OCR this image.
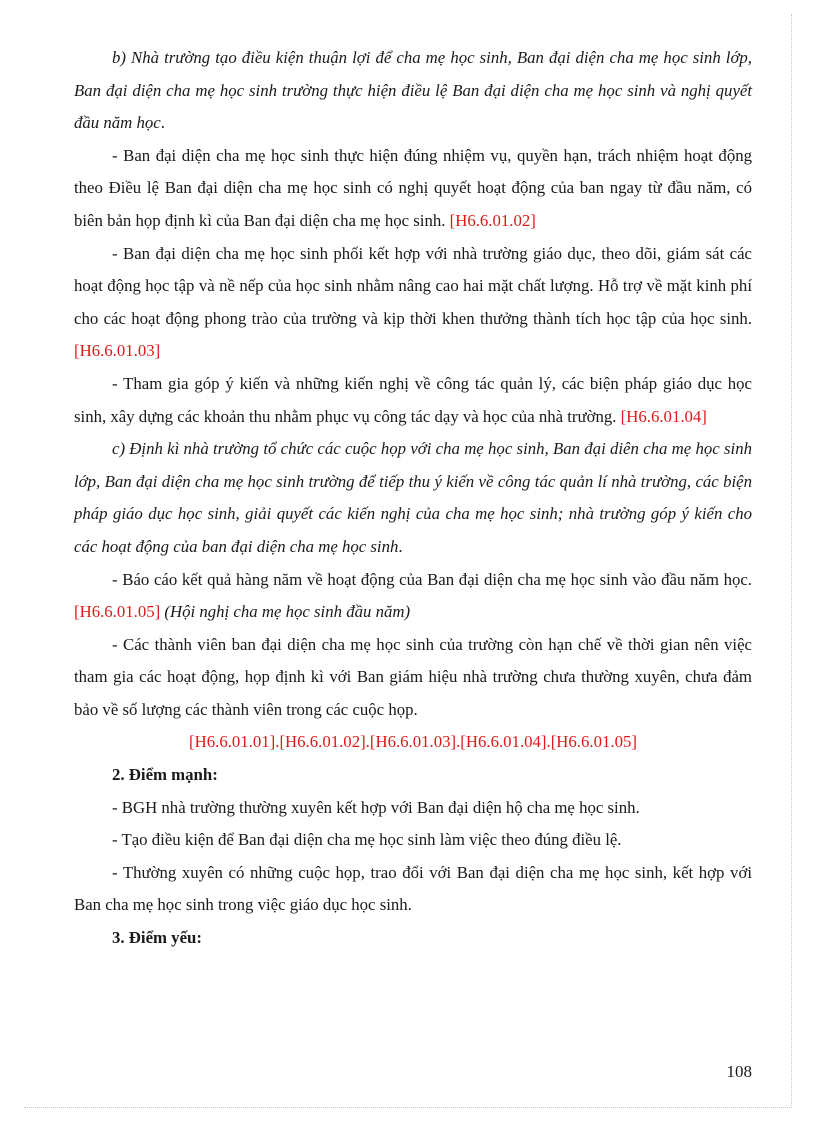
b) Nhà trường tạo điều kiện thuận lợi để cha mẹ học sinh, Ban đại diện cha mẹ học sinh lớp, Ban đại diện cha mẹ học sinh trường thực hiện điều lệ Ban đại diện cha mẹ học sinh và nghị quyết đầu năm học.

- Ban đại diện cha mẹ học sinh thực hiện đúng nhiệm vụ, quyền hạn, trách nhiệm hoạt động theo Điều lệ Ban đại diện cha mẹ học sinh có nghị quyết hoạt động của ban ngay từ đầu năm, có biên bản họp định kì của Ban đại diện cha mẹ học sinh. [H6.6.01.02]

- Ban đại diện cha mẹ học sinh phối kết hợp với nhà trường giáo dục, theo dõi, giám sát các hoạt động học tập và nề nếp của học sinh nhằm nâng cao hai mặt chất lượng. Hỗ trợ về mặt kinh phí cho các hoạt động phong trào của trường và kịp thời khen thưởng thành tích học tập của học sinh. [H6.6.01.03]

- Tham gia góp ý kiến và những kiến nghị về công tác quản lý, các biện pháp giáo dục học sinh, xây dựng các khoản thu nhằm phục vụ công tác dạy và học của nhà trường. [H6.6.01.04]

c) Định kì nhà trường tổ chức các cuộc họp với cha mẹ học sinh, Ban đại diên cha mẹ học sinh lớp, Ban đại diện cha mẹ học sinh trường để tiếp thu ý kiến về công tác quản lí nhà trường, các biện pháp giáo dục học sinh, giải quyết các kiến nghị của cha mẹ học sinh; nhà trường góp ý kiến cho các hoạt động của ban đại diện cha mẹ học sinh.

- Báo cáo kết quả hàng năm về hoạt động của Ban đại diện cha mẹ học sinh vào đầu năm học. [H6.6.01.05] (Hội nghị cha mẹ học sinh đầu năm)

- Các thành viên ban đại diện cha mẹ học sinh của trường còn hạn chế về thời gian nên việc tham gia các hoạt động, họp định kì với Ban giám hiệu nhà trường chưa thường xuyên, chưa đảm bảo về số lượng các thành viên trong các cuộc họp.

[H6.6.01.01].[H6.6.01.02].[H6.6.01.03].[H6.6.01.04].[H6.6.01.05]

2. Điểm mạnh:

- BGH nhà trường thường xuyên kết hợp với Ban đại diện hộ cha mẹ học sinh.

- Tạo điều kiện để Ban đại diện cha mẹ học sinh làm việc theo đúng điều lệ.

- Thường xuyên có những cuộc họp, trao đổi với Ban đại diện cha mẹ học sinh, kết hợp với Ban cha mẹ học sinh trong việc giáo dục học sinh.

3. Điểm yếu:

108
